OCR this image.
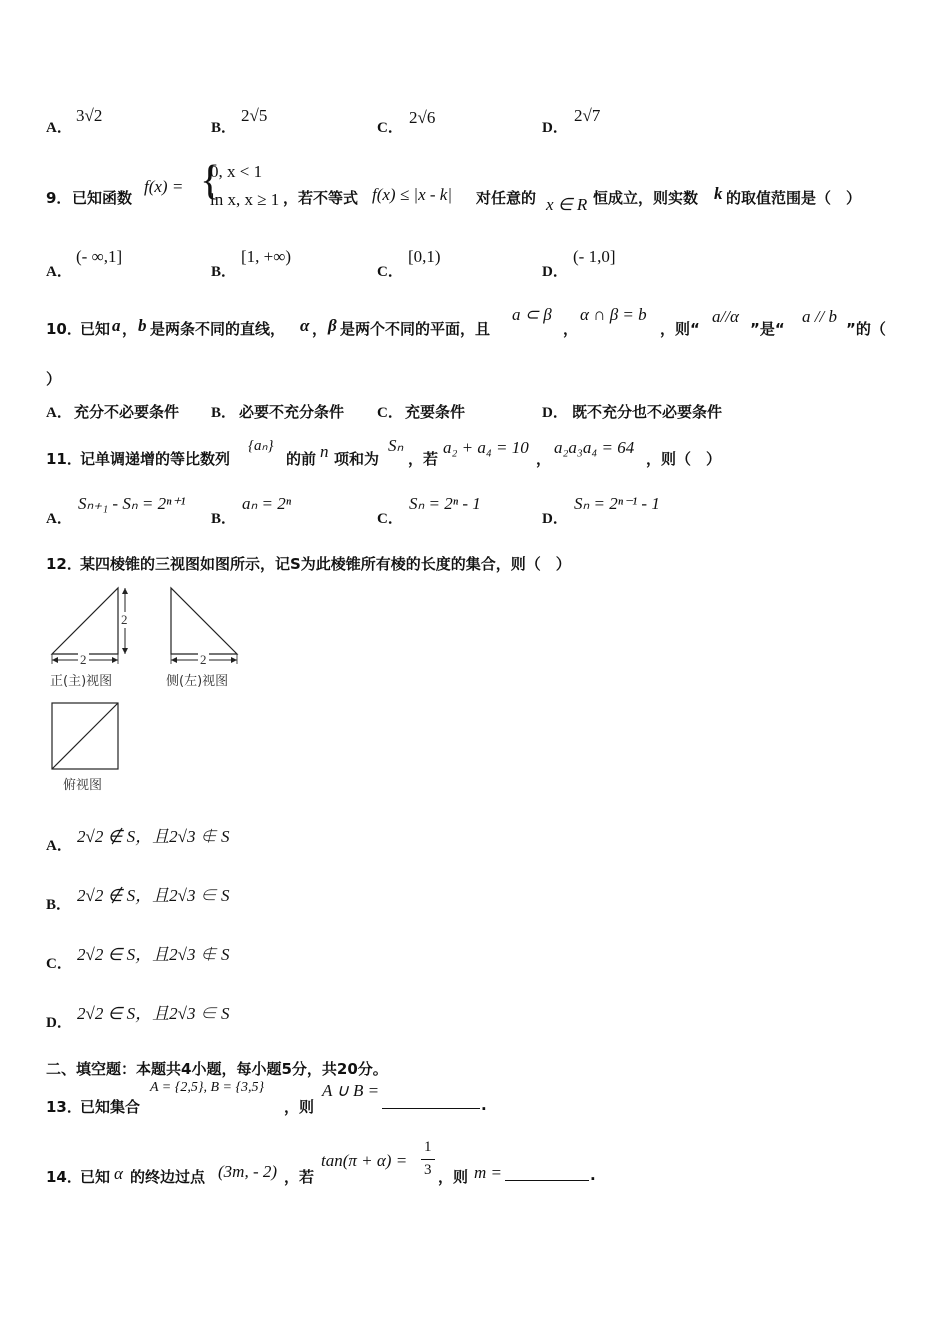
A．
3√2
B．
2√5
C．
2√6
D．
2√7
9． 已知函数
f(x) = {
0, x < 1
ln x, x ≥ 1 ，若不等式 f(x) ≤ |x - k| 对任意的 x ∈ R 恒成立，则实数 k 的取值范围是（　）
A．
(- ∞,1]
B．
[1, +∞)
C．
[0,1)
D．
(- 1,0]
10．
已知 a ， b 是两条不同的直线， α ， β 是两个不同的平面，且
a ⊂ β
，
α ∩ β = b
，则“
a//α
”是“
a // b
”的（
）
A． 充分不必要条件 B． 必要不充分条件 C． 充要条件	D． 既不充分也不必要条件
11．
记单调递增的等比数列
{aₙ}
的前 n 项和为
Sₙ
，若
a₂ + a₄ = 10
，
a₂a₃a₄ = 64
，则（　）
A．
Sₙ₊₁ - Sₙ = 2ⁿ⁺¹
B．
aₙ = 2ⁿ
C．
Sₙ = 2ⁿ - 1
D．
Sₙ = 2ⁿ⁻¹ - 1
12．
某四棱锥的三视图如图所示，记S为此棱锥所有棱的长度的集合，则（　）
2
2
正(主)视图
2
侧(左)视图
俯视图
A． 2√2 ∉ S，且2√3 ∉ S
B． 2√2 ∉ S，且2√3 ∈ S
C． 2√2 ∈ S，且2√3 ∉ S
D． 2√2 ∈ S，且2√3 ∈ S
二、填空题：本题共4小题，每小题5分，共20分。
13．
已知集合
A = {2,5}, B = {3,5}
，则
A ∪ B =
.
14．
已知 α 的终边过点 (3m, - 2) ，若
tan(π + α) =
1
3 ，则 m =	.
